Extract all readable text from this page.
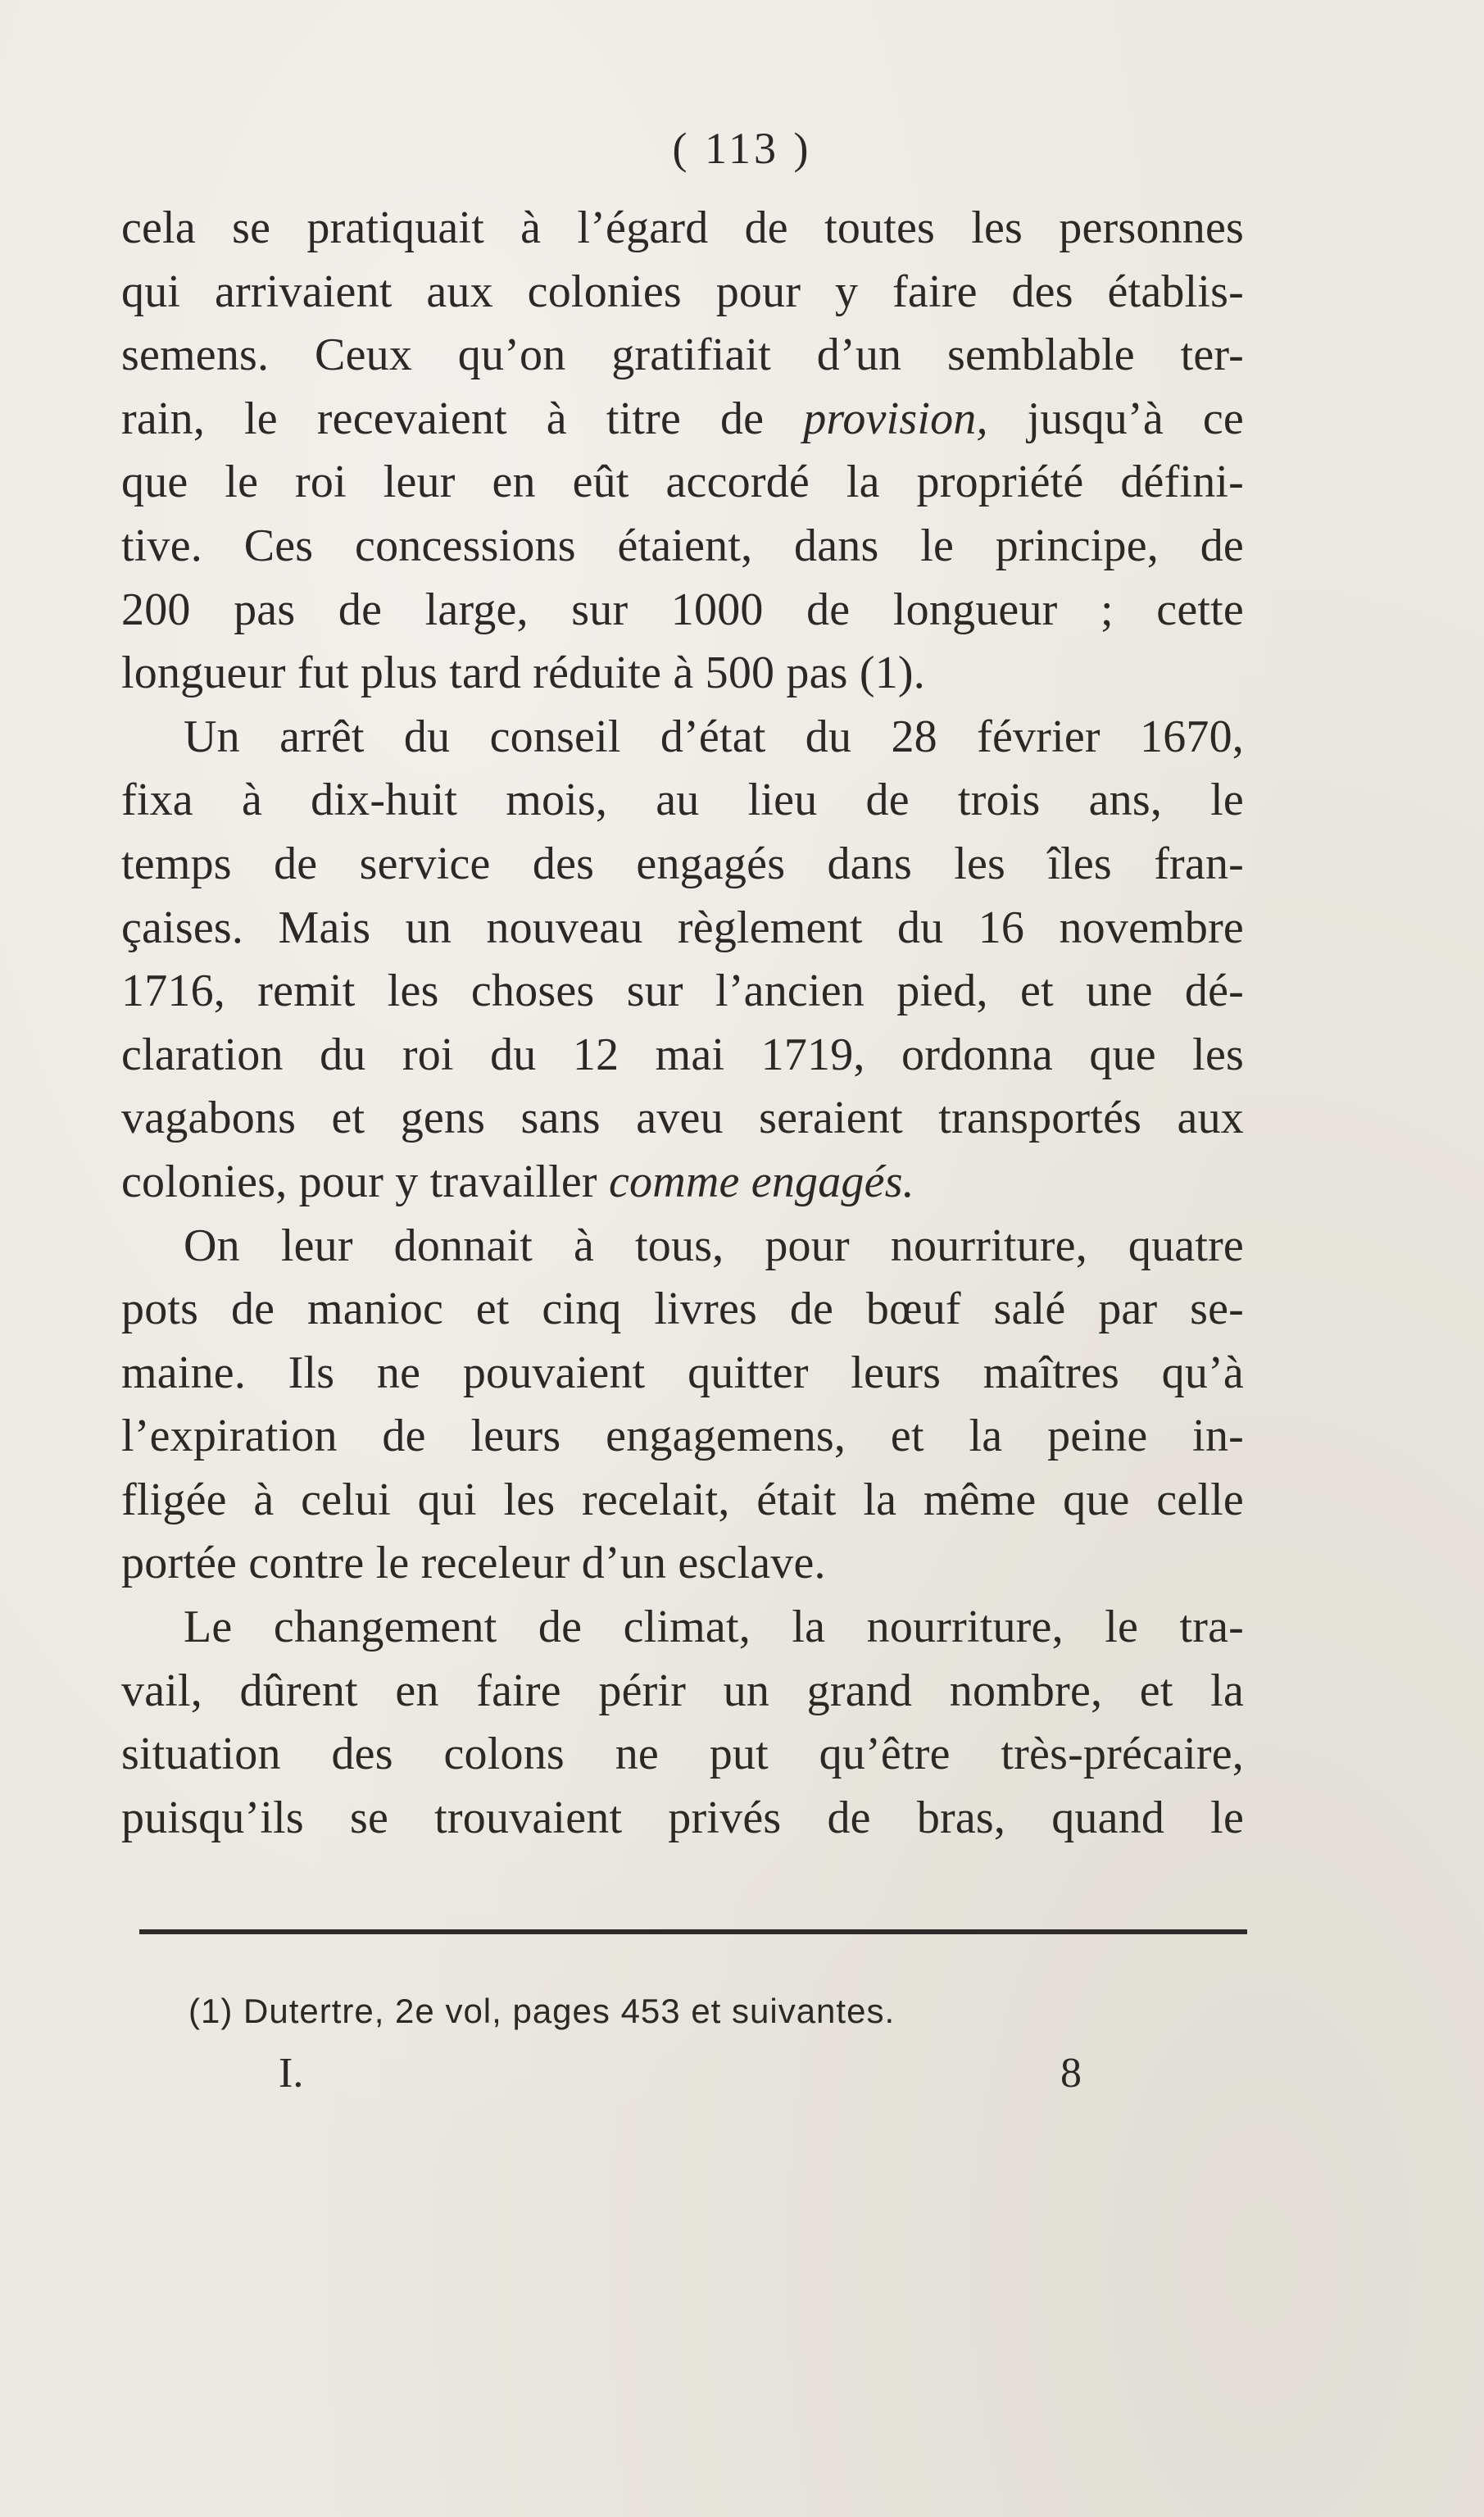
( 113 )
cela se pratiquait à l’égard de toutes les personnes
qui arrivaient aux colonies pour y faire des établis-
semens. Ceux qu’on gratifiait d’un semblable ter-
rain, le recevaient à titre de provision, jusqu’à ce
que le roi leur en eût accordé la propriété défini-
tive. Ces concessions étaient, dans le principe, de
200 pas de large, sur 1000 de longueur ; cette
longueur fut plus tard réduite à 500 pas (1).
Un arrêt du conseil d’état du 28 février 1670,
fixa à dix-huit mois, au lieu de trois ans, le
temps de service des engagés dans les îles fran-
çaises. Mais un nouveau règlement du 16 novembre
1716, remit les choses sur l’ancien pied, et une dé-
claration du roi du 12 mai 1719, ordonna que les
vagabons et gens sans aveu seraient transportés aux
colonies, pour y travailler comme engagés.
On leur donnait à tous, pour nourriture, quatre
pots de manioc et cinq livres de bœuf salé par se-
maine. Ils ne pouvaient quitter leurs maîtres qu’à
l’expiration de leurs engagemens, et la peine in-
fligée à celui qui les recelait, était la même que celle
portée contre le receleur d’un esclave.
Le changement de climat, la nourriture, le tra-
vail, dûrent en faire périr un grand nombre, et la
situation des colons ne put qu’être très-précaire,
puisqu’ils se trouvaient privés de bras, quand le
(1) Dutertre, 2e vol, pages 453 et suivantes.
I.	8
